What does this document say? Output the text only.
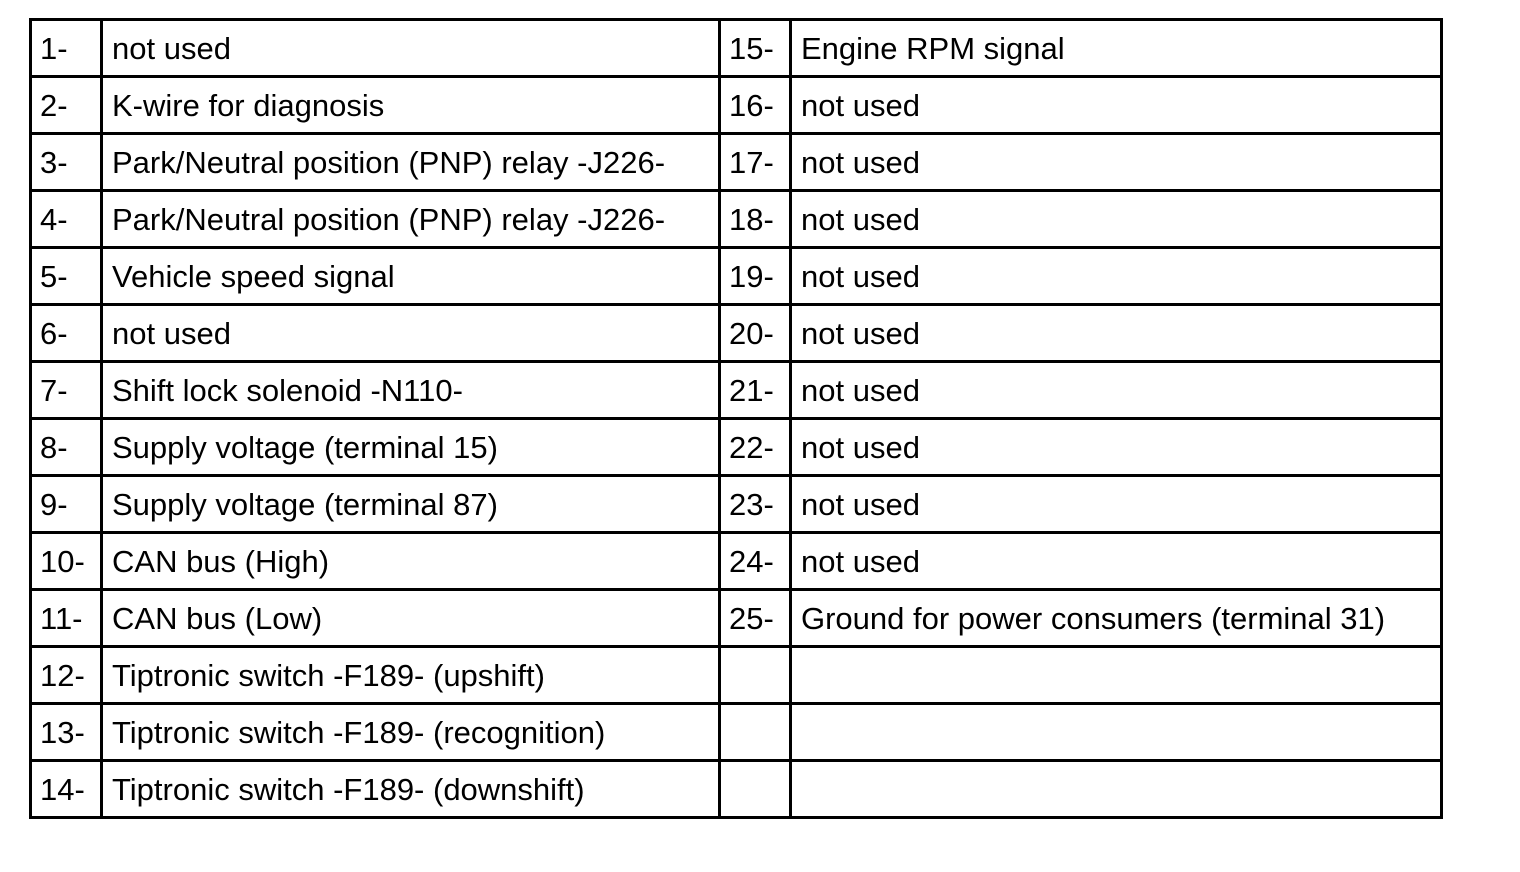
1-	not used	15-	Engine RPM signal
2-	K-wire for diagnosis	16-	not used
3-	Park/Neutral position (PNP) relay -J226-	17-	not used
4-	Park/Neutral position (PNP) relay -J226-	18-	not used
5-	Vehicle speed signal	19-	not used
6-	not used	20-	not used
7-	Shift lock solenoid -N110-	21-	not used
8-	Supply voltage (terminal 15)	22-	not used
9-	Supply voltage (terminal 87)	23-	not used
10-	CAN bus (High)	24-	not used
11-	CAN bus (Low)	25-	Ground for power consumers (terminal 31)
12-	Tiptronic switch -F189- (upshift)		
13-	Tiptronic switch -F189- (recognition)		
14-	Tiptronic switch -F189- (downshift)		
